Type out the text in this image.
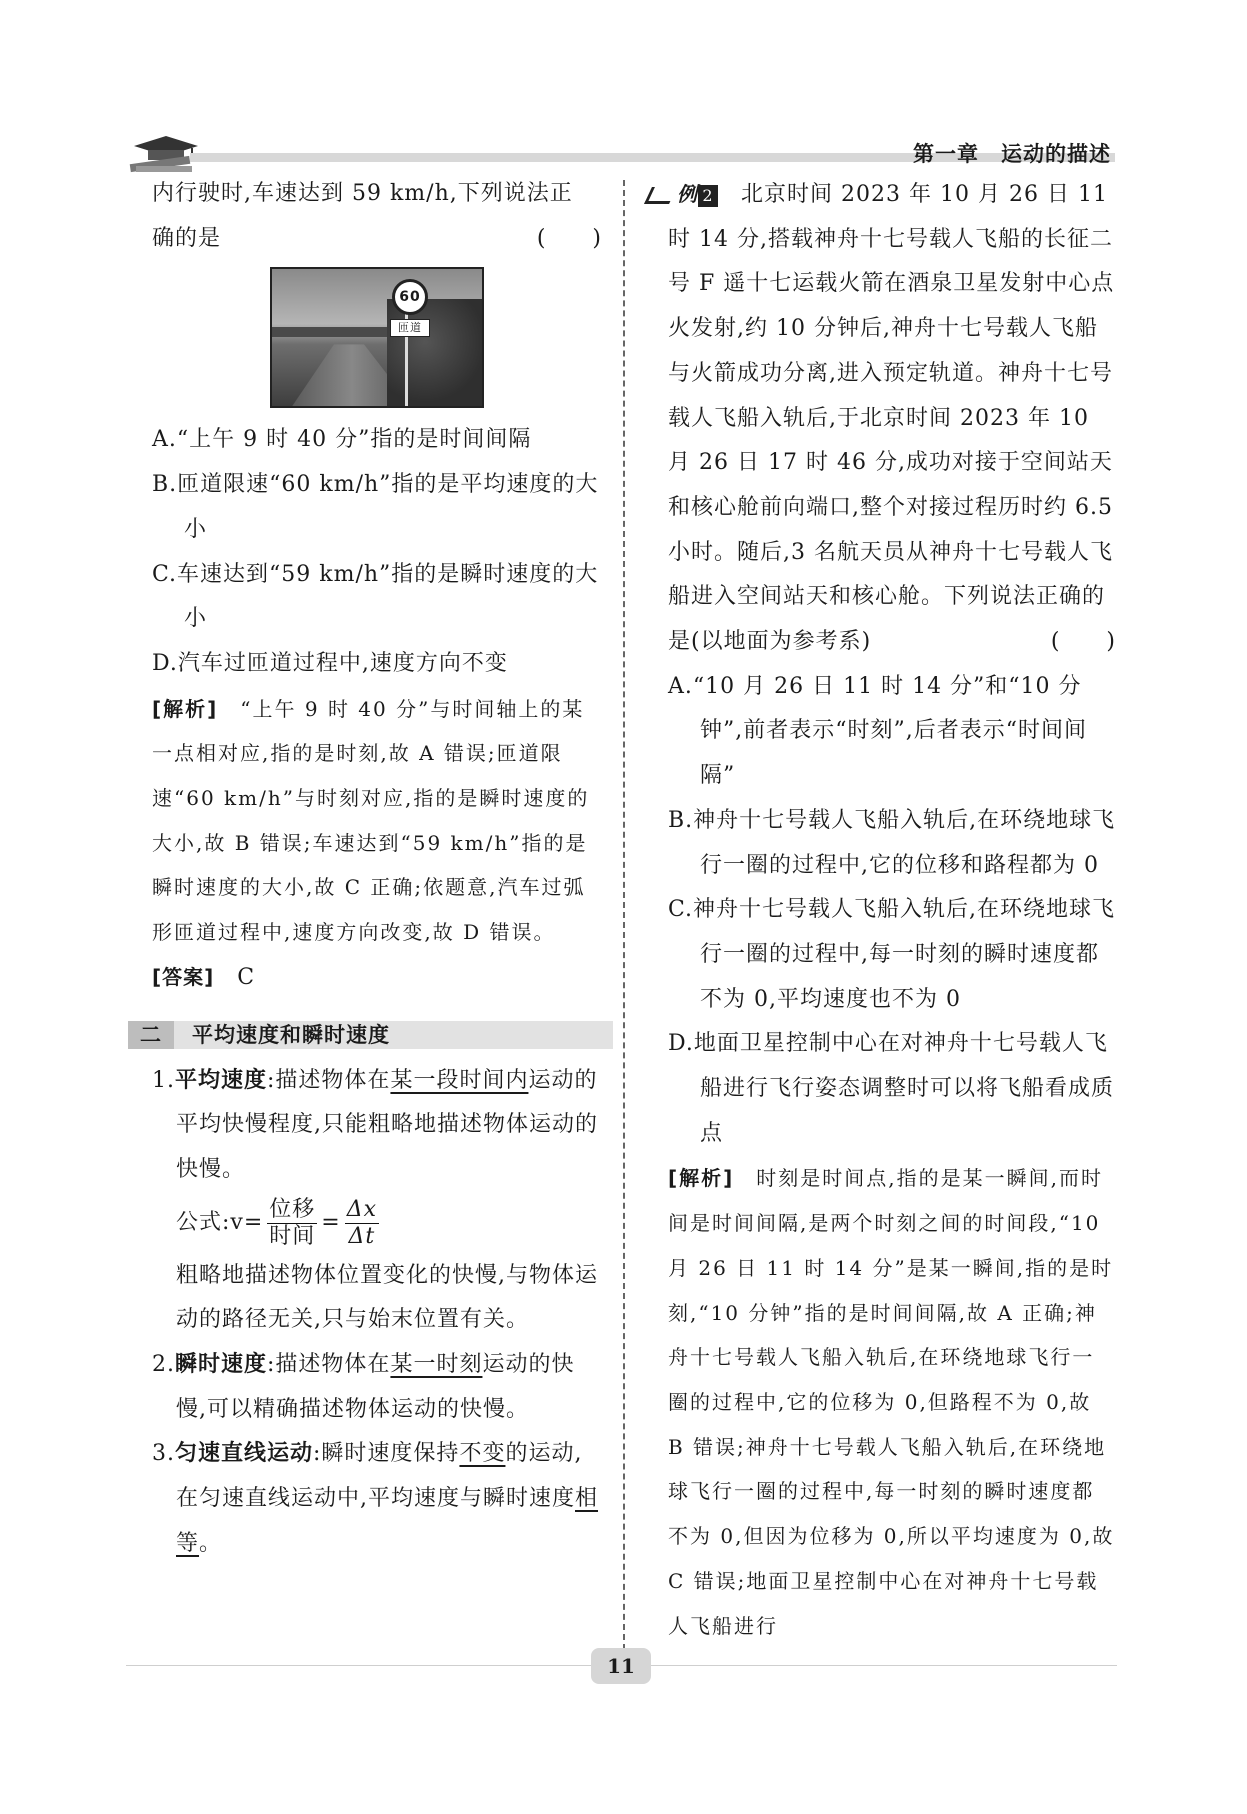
第一章　运动的描述

内行驶时,车速达到 59 km/h,下列说法正

确的是	(　　)

60
匝道

A.“上午 9 时 40 分”指的是时间间隔

B.匝道限速“60 km/h”指的是平均速度的大小

C.车速达到“59 km/h”指的是瞬时速度的大小

D.汽车过匝道过程中,速度方向不变

[解析]　 “上午 9 时 40 分”与时间轴上的某一点相对应,指的是时刻,故 A 错误;匝道限速“60 km/h”与时刻对应,指的是瞬时速度的大小,故 B 错误;车速达到“59 km/h”指的是瞬时速度的大小,故 C 正确;依题意,汽车过弧形匝道过程中,速度方向改变,故 D 错误。

[答案]　 C

二 平均速度和瞬时速度

1.平均速度:描述物体在某一段时间内运动的平均快慢程度,只能粗略地描述物体运动的快慢。

公式:v= $\frac{\text{位移}}{\text{时间}} = \frac{\Delta x}{\Delta t}$

粗略地描述物体位置变化的快慢,与物体运动的路径无关,只与始末位置有关。

2.瞬时速度:描述物体在某一时刻运动的快慢,可以精确描述物体运动的快慢。

3.匀速直线运动:瞬时速度保持不变的运动,在匀速直线运动中,平均速度与瞬时速度相等。

例 2　 北京时间 2023 年 10 月 26 日 11 时 14 分,搭载神舟十七号载人飞船的长征二号 F 遥十七运载火箭在酒泉卫星发射中心点火发射,约 10 分钟后,神舟十七号载人飞船与火箭成功分离,进入预定轨道。神舟十七号载人飞船入轨后,于北京时间 2023 年 10 月 26 日 17 时 46 分,成功对接于空间站天和核心舱前向端口,整个对接过程历时约 6.5 小时。随后,3 名航天员从神舟十七号载人飞船进入空间站天和核心舱。下列说法正确的是(以地面为参考系)	(　　)

A.“10 月 26 日 11 时 14 分”和“10 分钟”,前者表示“时刻”,后者表示“时间间隔”

B.神舟十七号载人飞船入轨后,在环绕地球飞行一圈的过程中,它的位移和路程都为 0

C.神舟十七号载人飞船入轨后,在环绕地球飞行一圈的过程中,每一时刻的瞬时速度都不为 0,平均速度也不为 0

D.地面卫星控制中心在对神舟十七号载人飞船进行飞行姿态调整时可以将飞船看成质点

[解析]　 时刻是时间点,指的是某一瞬间,而时间是时间间隔,是两个时刻之间的时间段,“10 月 26 日 11 时 14 分”是某一瞬间,指的是时刻,“10 分钟”指的是时间间隔,故 A 正确;神舟十七号载人飞船入轨后,在环绕地球飞行一圈的过程中,它的位移为 0,但路程不为 0,故 B 错误;神舟十七号载人飞船入轨后,在环绕地球飞行一圈的过程中,每一时刻的瞬时速度都不为 0,但因为位移为 0,所以平均速度为 0,故 C 错误;地面卫星控制中心在对神舟十七号载人飞船进行

11
